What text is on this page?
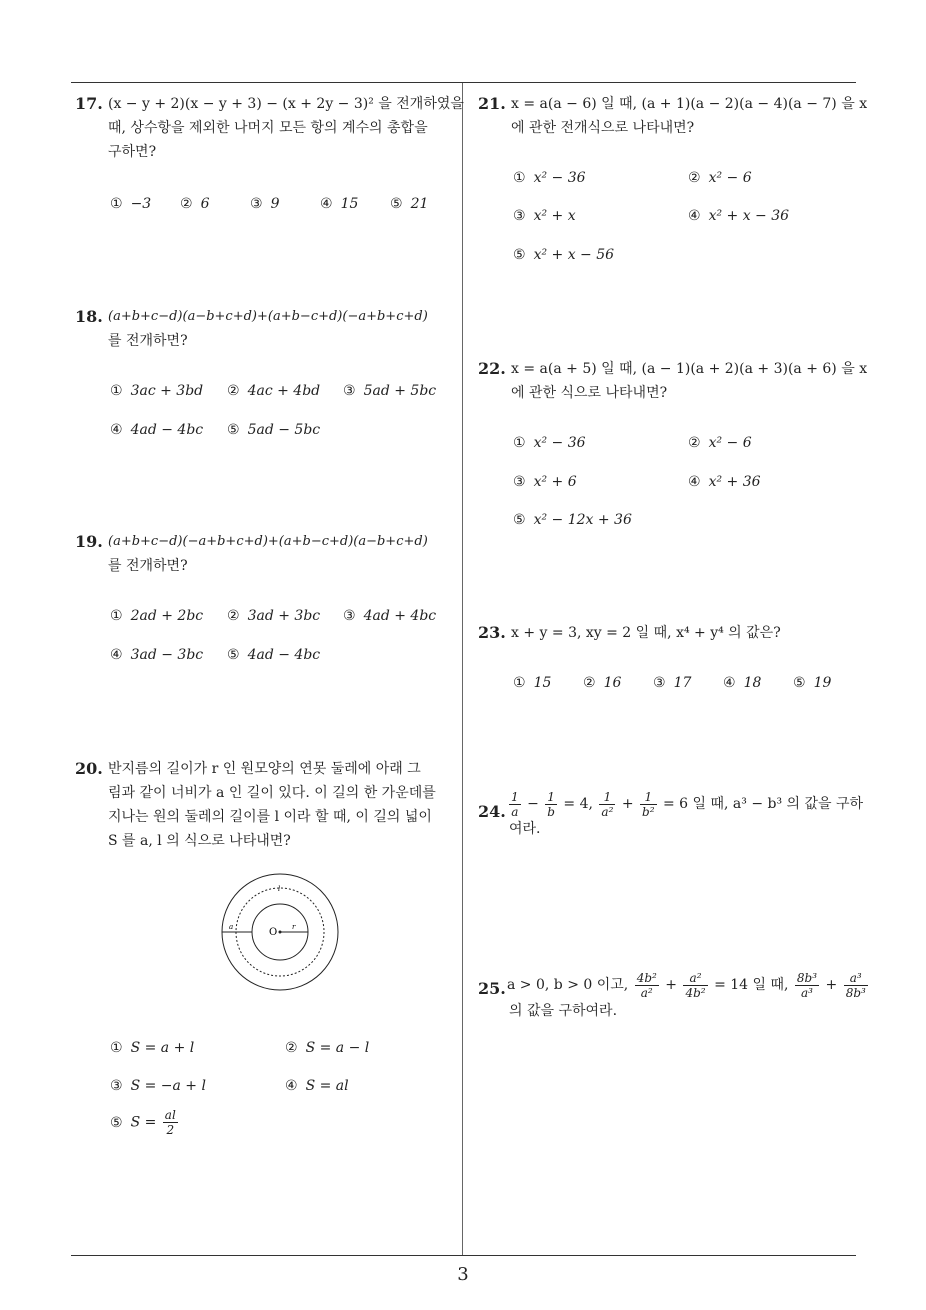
17. (x − y + 2)(x − y + 3) − (x + 2y − 3)² 을 전개하였을
때, 상수항을 제외한 나머지 모든 항의 계수의 총합을
구하면?
① −3 ② 6	③ 9	④ 15 ⑤ 21
18. (a+b+c−d)(a−b+c+d)+(a+b−c+d)(−a+b+c+d)
를 전개하면?
① 3ac + 3bd ② 4ac + 4bd ③ 5ad + 5bc
④ 4ad − 4bc ⑤ 5ad − 5bc
19. (a+b+c−d)(−a+b+c+d)+(a+b−c+d)(a−b+c+d)
를 전개하면?
① 2ad + 2bc ② 3ad + 3bc ③ 4ad + 4bc
④ 3ad − 3bc ⑤ 4ad − 4bc
20. 반지름의 길이가 r 인 원모양의 연못 둘레에 아래 그
림과 같이 너비가 a 인 길이 있다. 이 길의 한 가운데를
지나는 원의 둘레의 길이를 l 이라 할 때, 이 길의 넓이
S 를 a, l 의 식으로 나타내면?
O r
a
l
① S = a + l	② S = a − l
③ S = −a + l	④ S = al
⑤ $S = \frac{al}{2}$
21. x = a(a − 6) 일 때, (a + 1)(a − 2)(a − 4)(a − 7) 을 x
에 관한 전개식으로 나타내면?
① x² − 36	② x² − 6
③ x² + x	④ x² + x − 36
⑤ x² + x − 56
22. x = a(a + 5) 일 때, (a − 1)(a + 2)(a + 3)(a + 6) 을 x
에 관한 식으로 나타내면?
① x² − 36	② x² − 6
③ x² + 6	④ x² + 36
⑤ x² − 12x + 36
23. x + y = 3, xy = 2 일 때, x⁴ + y⁴ 의 값은?
① 15 ② 16 ③ 17 ④ 18 ⑤ 19
24. $\frac{1}{a} - \frac{1}{b} = 4$, $\frac{1}{\text{a²}} + \frac{1}{\text{b²}} = 6$ 일 때, a³ − b³ 의 값을 구하
여라.
25. a > 0, b > 0 이고, $\frac{\text{4b²}}{\text{a²}} + \frac{\text{a²}}{\text{4b²}} = 14$ 일 때, $\frac{\text{8b³}}{\text{a³}} + \frac{\text{a³}}{\text{8b³}}$
의 값을 구하여라.
3
